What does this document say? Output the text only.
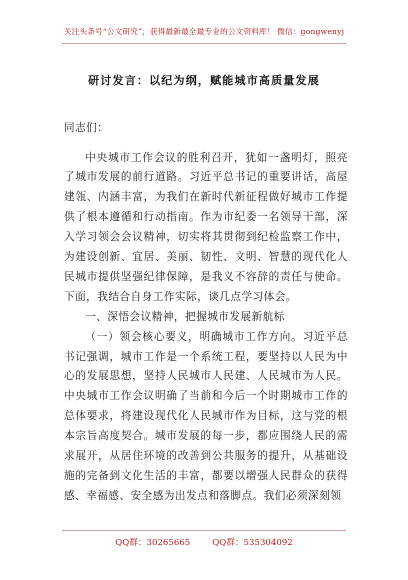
关注头条号“公文研究”，获得最新最全最专业的公文资料库！ 微信：gongwenyj
研讨发言：以纪为纲，赋能城市高质量发展

同志们：

中央城市工作会议的胜利召开，犹如一盏明灯，照亮了城市发展的前行道路。习近平总书记的重要讲话，高屋建瓴、内涵丰富，为我们在新时代新征程做好城市工作提供了根本遵循和行动指南。作为市纪委一名领导干部，深入学习领会会议精神，切实将其贯彻到纪检监察工作中，为建设创新、宜居、美丽、韧性、文明、智慧的现代化人民城市提供坚强纪律保障，是我义不容辞的责任与使命。下面，我结合自身工作实际，谈几点学习体会。

一、深悟会议精神，把握城市发展新航标

（一）领会核心要义，明确城市工作方向。习近平总书记强调，城市工作是一个系统工程，要坚持以人民为中心的发展思想，坚持人民城市人民建、人民城市为人民。中央城市工作会议明确了当前和今后一个时期城市工作的总体要求，将建设现代化人民城市作为目标，这与党的根本宗旨高度契合。城市发展的每一步，都应围绕人民的需求展开，从居住环境的改善到公共服务的提升，从基础设施的完备到文化生活的丰富，都要以增强人民群众的获得感、幸福感、安全感为出发点和落脚点。我们必须深刻领

QQ群：30265665	QQ群：535304092
